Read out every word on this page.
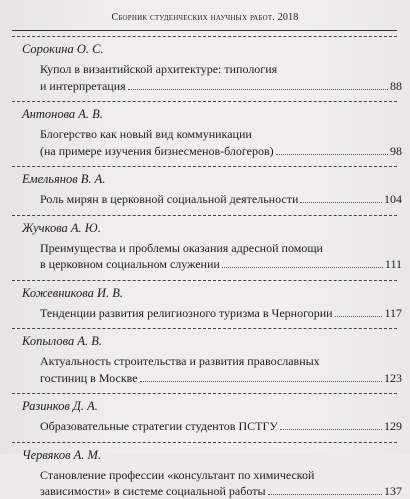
Сборник студенческих научных работ. 2018
Сорокина О. С.
Купол в византийской архитектуре: типология
и интерпретация	88
Антонова А. В.
Блогерство как новый вид коммуникации
(на примере изучения бизнесменов-блогеров)	98
Емельянов В. А.
Роль мирян в церковной социальной деятельности	104
Жучкова А. Ю.
Преимущества и проблемы оказания адресной помощи
в церковном социальном служении	111
Кожевникова И. В.
Тенденции развития религиозного туризма в Черногории	117
Копылова А. В.
Актуальность строительства и развития православных
гостиниц в Москве	123
Разинков Д. А.
Образовательные стратегии студентов ПСТГУ	129
Червяков А. М.
Становление профессии «консультант по химической
зависимости» в системе социальной работы	137
